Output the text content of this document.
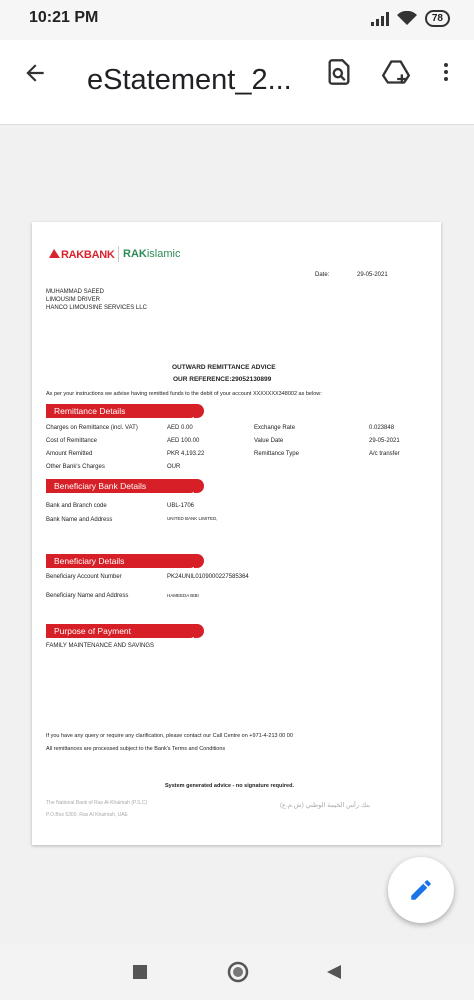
10:21 PM	78
eStatement_2...
RAKBANK RAKislamic
Date:	29-05-2021
MUHAMMAD SAEED
LIMOUSIM DRIVER
HANCO LIMOUSINE SERVICES LLC
OUTWARD REMITTANCE ADVICE
OUR REFERENCE:29052130899
As per your instructions we advise having remitted funds to the debit of your account XXXXXXX348002 as below:
Remittance Details
Charges on Remittance (incl. VAT)	AED 0.00	Exchange Rate	0.023848
Cost of Remittance	AED 100.00	Value Date	29-05-2021
Amount Remitted	PKR 4,193.22	Remittance Type	A/c transfer
Other Bank's Charges	OUR
Beneficiary Bank Details
Bank and Branch code	UBL-1706
Bank Name and Address	UNITED BANK LIMITED,
Beneficiary Details
Beneficiary Account Number	PK24UNIL0109000227585364
Beneficiary Name and Address	HAMEEDA BIBI
Purpose of Payment
FAMILY MAINTENANCE AND SAVINGS
If you have any query or require any clarification, please contact our Call Centre on +971-4-213 00 00
All remittances are processed subject to the Bank's Terms and Conditions
System generated advice - no signature required.
The National Bank of Ras Al-Khaimah (P.S.C)
P.O.Box 5300, Ras Al Khaimah, UAE
بنك رأس الخيمة الوطني (ش.م.ع)
